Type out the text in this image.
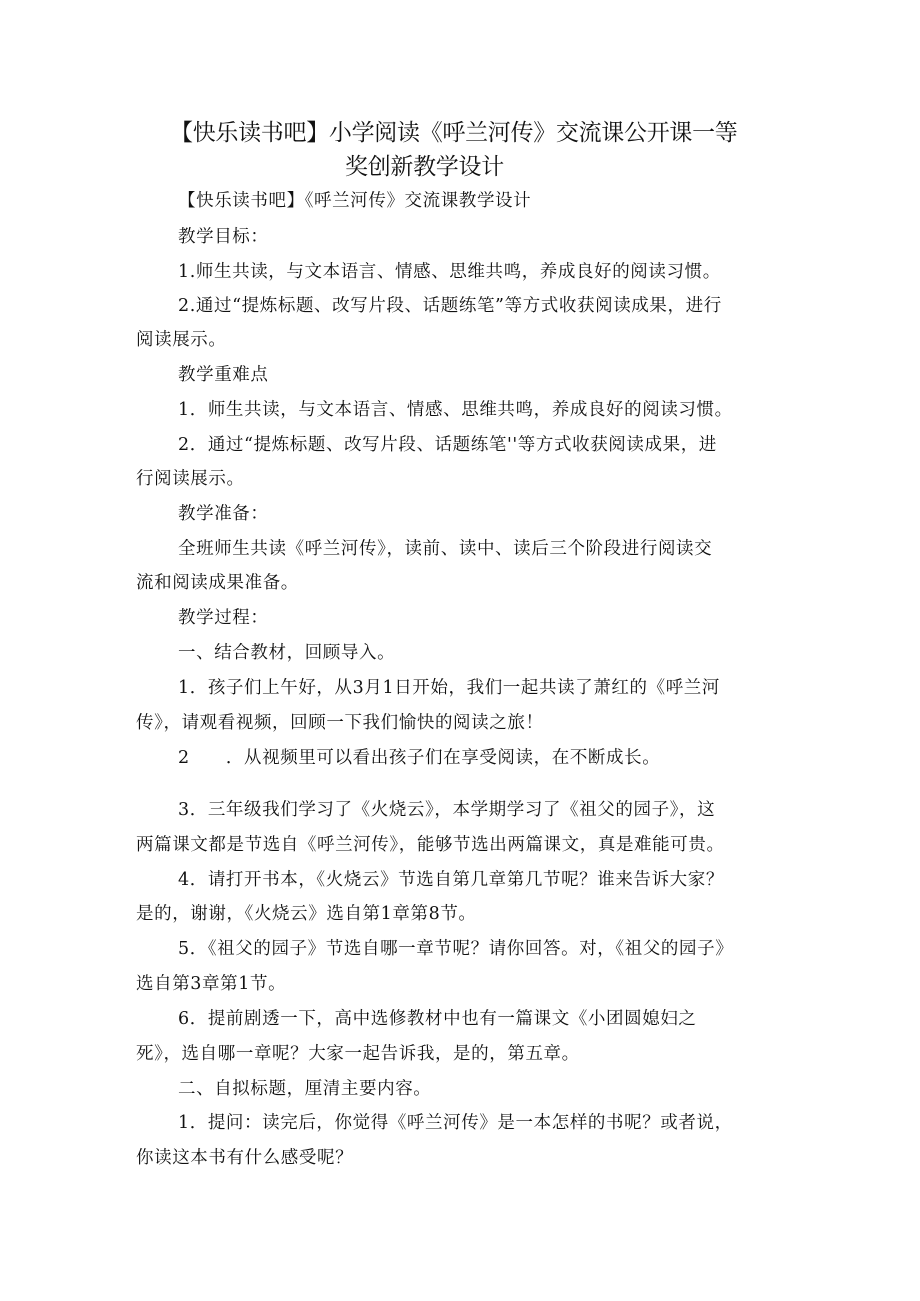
【快乐读书吧】小学阅读《呼兰河传》交流课公开课一等
奖创新教学设计
【快乐读书吧】《呼兰河传》交流课教学设计
教学目标：
1.师生共读，与文本语言、情感、思维共鸣，养成良好的阅读习惯。
2.通过“提炼标题、改写片段、话题练笔”等方式收获阅读成果，进行
阅读展示。
教学重难点
1．师生共读，与文本语言、情感、思维共鸣，养成良好的阅读习惯。
2．通过“提炼标题、改写片段、话题练笔''等方式收获阅读成果，进
行阅读展示。
教学准备：
全班师生共读《呼兰河传》，读前、读中、读后三个阶段进行阅读交
流和阅读成果准备。
教学过程：
一、结合教材，回顾导入。
1．孩子们上午好，从3月1日开始，我们一起共读了萧红的《呼兰河
传》，请观看视频，回顾一下我们愉快的阅读之旅！
2　　．从视频里可以看出孩子们在享受阅读，在不断成长。
3．三年级我们学习了《火烧云》，本学期学习了《祖父的园子》，这
两篇课文都是节选自《呼兰河传》，能够节选出两篇课文，真是难能可贵。
4．请打开书本，《火烧云》节选自第几章第几节呢？谁来告诉大家？
是的，谢谢，《火烧云》选自第1章第8节。
5．《祖父的园子》节选自哪一章节呢？请你回答。对，《祖父的园子》
选自第3章第1节。
6．提前剧透一下，高中选修教材中也有一篇课文《小团圆媳妇之
死》，选自哪一章呢？大家一起告诉我，是的，第五章。
二、自拟标题，厘清主要内容。
1．提问：读完后，你觉得《呼兰河传》是一本怎样的书呢？或者说，
你读这本书有什么感受呢？
